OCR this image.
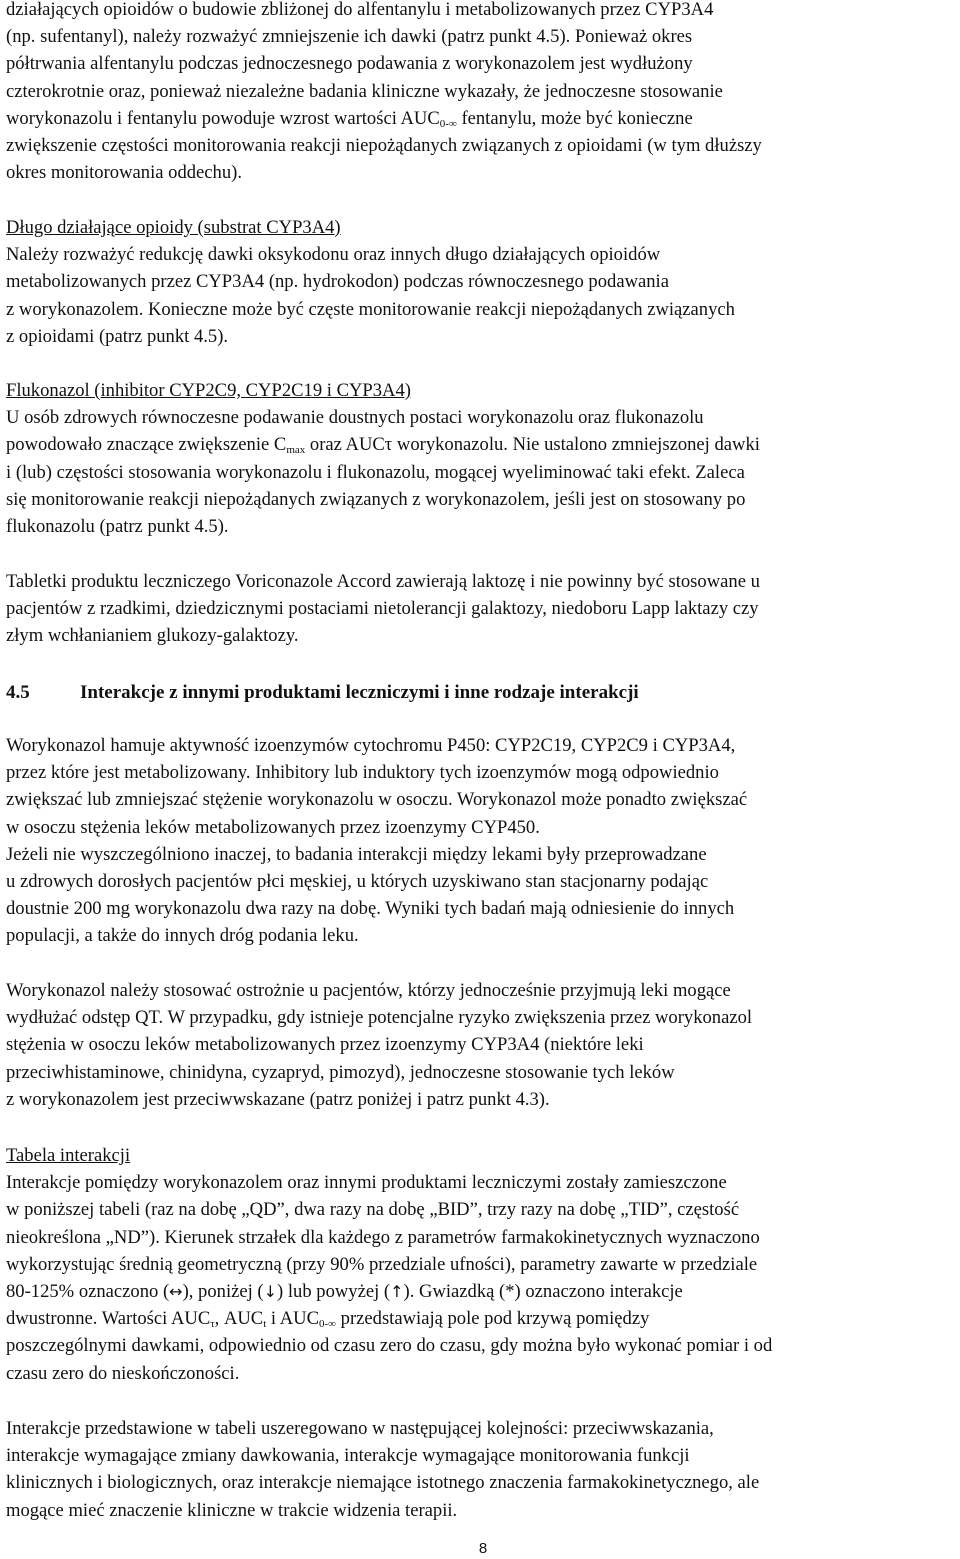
działających opioidów o budowie zbliżonej do alfentanylu i metabolizowanych przez CYP3A4
(np. sufentanyl), należy rozważyć zmniejszenie ich dawki (patrz punkt 4.5). Ponieważ okres
półtrwania alfentanylu podczas jednoczesnego podawania z worykonazolem jest wydłużony
czterokrotnie oraz, ponieważ niezależne badania kliniczne wykazały, że jednoczesne stosowanie
worykonazolu i fentanylu powoduje wzrost wartości $AUC_{0-\infty}$ fentanylu, może być konieczne
zwiększenie częstości monitorowania reakcji niepożądanych związanych z opioidami (w tym dłuższy
okres monitorowania oddechu).
Długo działające opioidy (substrat CYP3A4)
Należy rozważyć redukcję dawki oksykodonu oraz innych długo działających opioidów
metabolizowanych przez CYP3A4 (np. hydrokodon) podczas równoczesnego podawania
z worykonazolem. Konieczne może być częste monitorowanie reakcji niepożądanych związanych
z opioidami (patrz punkt 4.5).
Flukonazol (inhibitor CYP2C9, CYP2C19 i CYP3A4)
U osób zdrowych równoczesne podawanie doustnych postaci worykonazolu oraz flukonazolu
powodowało znaczące zwiększenie $C_{max}$ oraz AUCτ worykonazolu. Nie ustalono zmniejszonej dawki
i (lub) częstości stosowania worykonazolu i flukonazolu, mogącej wyeliminować taki efekt. Zaleca
się monitorowanie reakcji niepożądanych związanych z worykonazolem, jeśli jest on stosowany po
flukonazolu (patrz punkt 4.5).
Tabletki produktu leczniczego Voriconazole Accord zawierają laktozę i nie powinny być stosowane u
pacjentów z rzadkimi, dziedzicznymi postaciami nietolerancji galaktozy, niedoboru Lapp laktazy czy
złym wchłanianiem glukozy-galaktozy.
Worykonazol hamuje aktywność izoenzymów cytochromu P450: CYP2C19, CYP2C9 i CYP3A4,
przez które jest metabolizowany. Inhibitory lub induktory tych izoenzymów mogą odpowiednio
zwiększać lub zmniejszać stężenie worykonazolu w osoczu. Worykonazol może ponadto zwiększać
w osoczu stężenia leków metabolizowanych przez izoenzymy CYP450.
Jeżeli nie wyszczególniono inaczej, to badania interakcji między lekami były przeprowadzane
u zdrowych dorosłych pacjentów płci męskiej, u których uzyskiwano stan stacjonarny podając
doustnie 200 mg worykonazolu dwa razy na dobę. Wyniki tych badań mają odniesienie do innych
populacji, a także do innych dróg podania leku.
Worykonazol należy stosować ostrożnie u pacjentów, którzy jednocześnie przyjmują leki mogące
wydłużać odstęp QT. W przypadku, gdy istnieje potencjalne ryzyko zwiększenia przez worykonazol
stężenia w osoczu leków metabolizowanych przez izoenzymy CYP3A4 (niektóre leki
przeciwhistaminowe, chinidyna, cyzapryd, pimozyd), jednoczesne stosowanie tych leków
z worykonazolem jest przeciwwskazane (patrz poniżej i patrz punkt 4.3).
Tabela interakcji
Interakcje pomiędzy worykonazolem oraz innymi produktami leczniczymi zostały zamieszczone
w poniższej tabeli (raz na dobę „QD”, dwa razy na dobę „BID”, trzy razy na dobę „TID”, częstość
nieokreślona „ND”). Kierunek strzałek dla każdego z parametrów farmakokinetycznych wyznaczono
wykorzystując średnią geometryczną (przy 90% przedziale ufności), parametry zawarte w przedziale
80-125% oznaczono (↔), poniżej (↓) lub powyżej (↑). Gwiazdką (*) oznaczono interakcje
dwustronne. Wartości $AUC_\tau$, $AUC_t$ i $AUC_{0-\infty}$ przedstawiają pole pod krzywą pomiędzy
poszczególnymi dawkami, odpowiednio od czasu zero do czasu, gdy można było wykonać pomiar i od
czasu zero do nieskończoności.
Interakcje przedstawione w tabeli uszeregowano w następującej kolejności: przeciwwskazania,
interakcje wymagające zmiany dawkowania, interakcje wymagające monitorowania funkcji
klinicznych i biologicznych, oraz interakcje niemające istotnego znaczenia farmakokinetycznego, ale
mogące mieć znaczenie kliniczne w trakcie widzenia terapii.
4.5	Interakcje z innymi produktami leczniczymi i inne rodzaje interakcji
8
